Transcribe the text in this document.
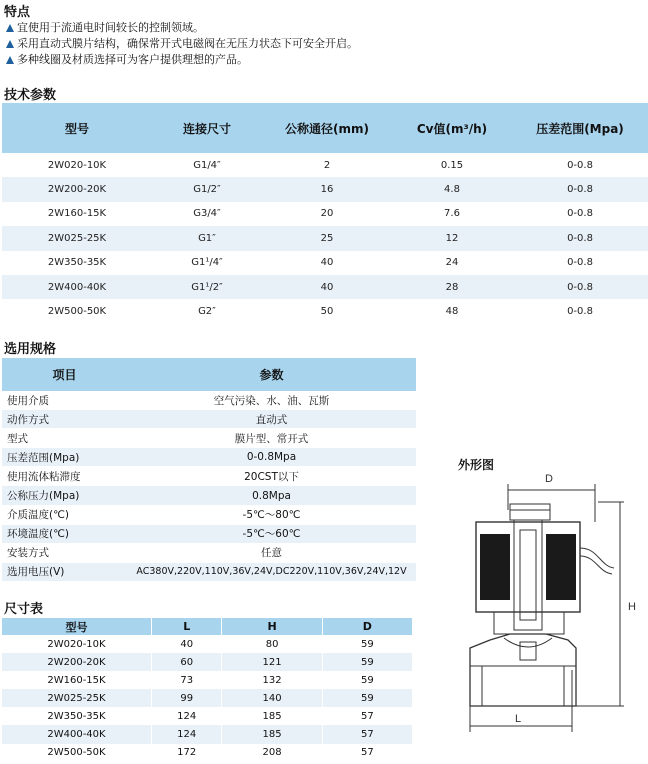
特点
宜使用于流通电时间较长的控制领域。
采用直动式膜片结构，确保常开式电磁阀在无压力状态下可安全开启。
多种线圈及材质选择可为客户提供理想的产品。
技术参数
型号	连接尺寸	公称通径(mm)	Cv值(m³/h)	压差范围(Mpa)
2W020-10K	G1/4″	2	0.15	0-0.8
2W200-20K	G1/2″	16	4.8	0-0.8
2W160-15K	G3/4″	20	7.6	0-0.8
2W025-25K	G1″	25	12	0-0.8
2W350-35K	G1¹/4″	40	24	0-0.8
2W400-40K	G1¹/2″	40	28	0-0.8
2W500-50K	G2″	50	48	0-0.8
选用规格
项目	参数
使用介质	空气污染、水、油、瓦斯
动作方式	直动式
型式	膜片型、常开式
压差范围(Mpa)	0-0.8Mpa
使用流体粘滞度	20CST以下
公称压力(Mpa)	0.8Mpa
介质温度(℃)	-5℃～80℃
环境温度(℃)	-5℃～60℃
安装方式	任意
选用电压(V)	AC380V,220V,110V,36V,24V,DC220V,110V,36V,24V,12V
尺寸表
型号	L	H	D
2W020-10K	40	80	59
2W200-20K	60	121	59
2W160-15K	73	132	59
2W025-25K	99	140	59
2W350-35K	124	185	57
2W400-40K	124	185	57
2W500-50K	172	208	57
外形图
D
H
L
